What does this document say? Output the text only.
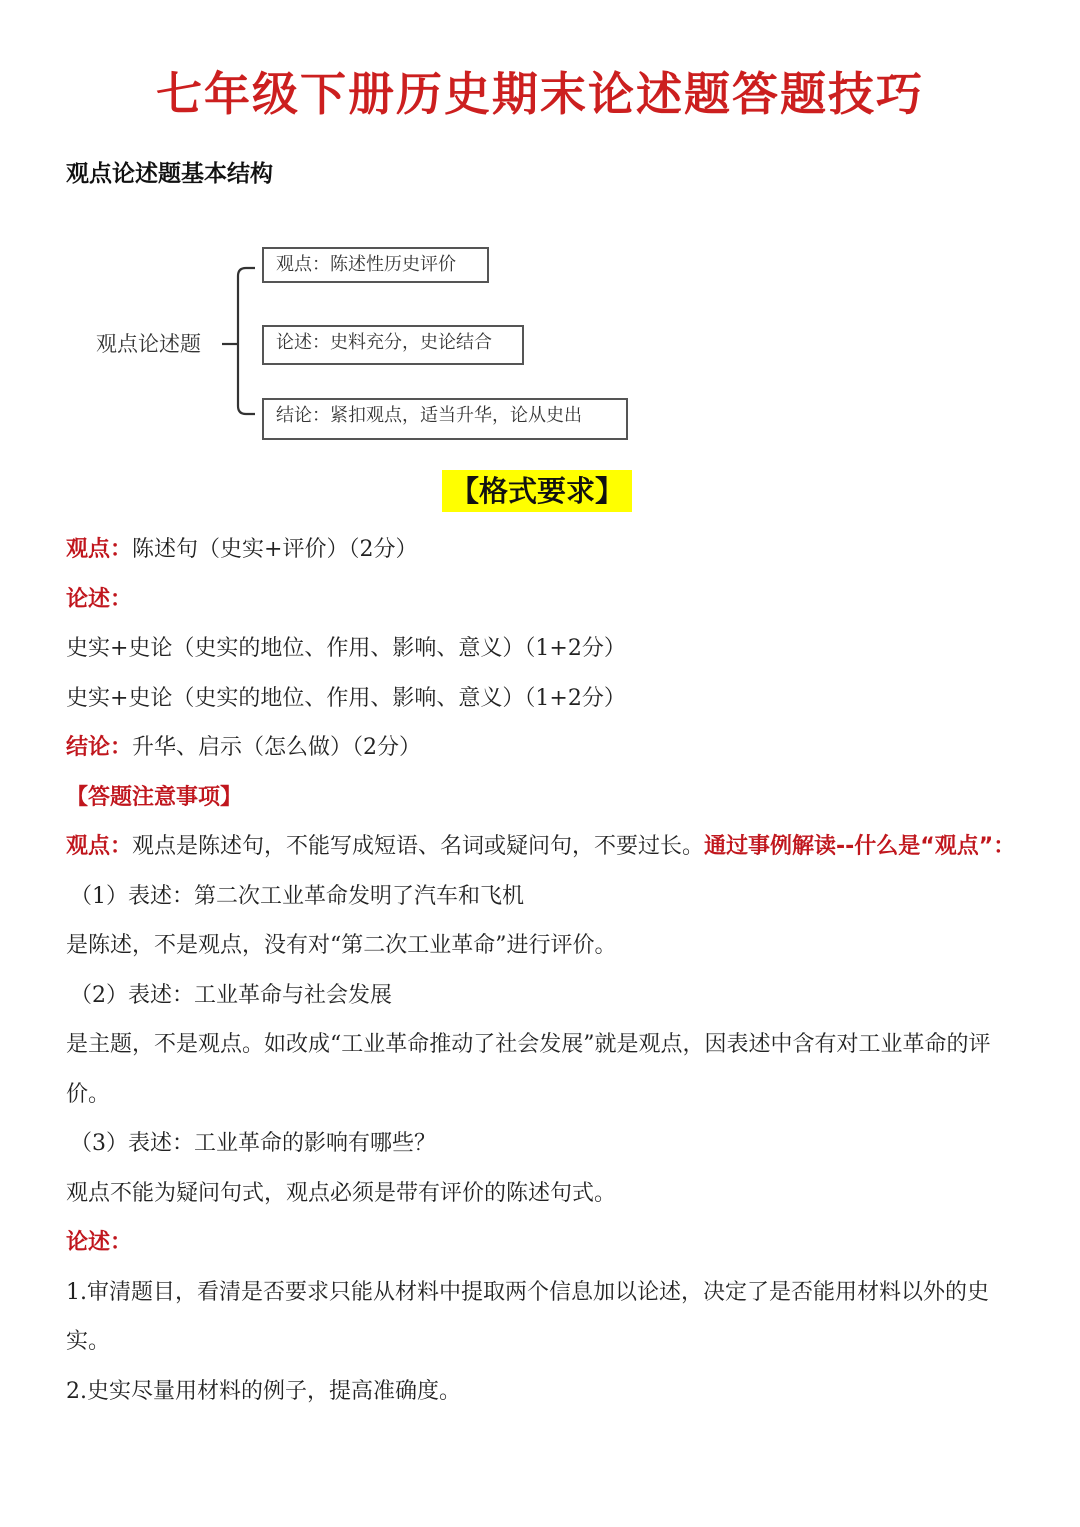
七年级下册历史期末论述题答题技巧
观点论述题基本结构
观点论述题
观点：陈述性历史评价
论述：史料充分，史论结合
结论：紧扣观点，适当升华，论从史出
【格式要求】

观点：陈述句（史实+评价）（2分）

论述：

史实+史论（史实的地位、作用、影响、意义）（1+2分）

史实+史论（史实的地位、作用、影响、意义）（1+2分）

结论：升华、启示（怎么做）（2分）

【答题注意事项】

观点：观点是陈述句，不能写成短语、名词或疑问句，不要过长。通过事例解读--什么是“观点”：

（1）表述：第二次工业革命发明了汽车和飞机

是陈述，不是观点，没有对“第二次工业革命”进行评价。

（2）表述：工业革命与社会发展

是主题，不是观点。如改成“工业革命推动了社会发展”就是观点，因表述中含有对工业革命的评价。

（3）表述：工业革命的影响有哪些？

观点不能为疑问句式，观点必须是带有评价的陈述句式。

论述：

1.审清题目，看清是否要求只能从材料中提取两个信息加以论述，决定了是否能用材料以外的史实。

2.史实尽量用材料的例子，提高准确度。
